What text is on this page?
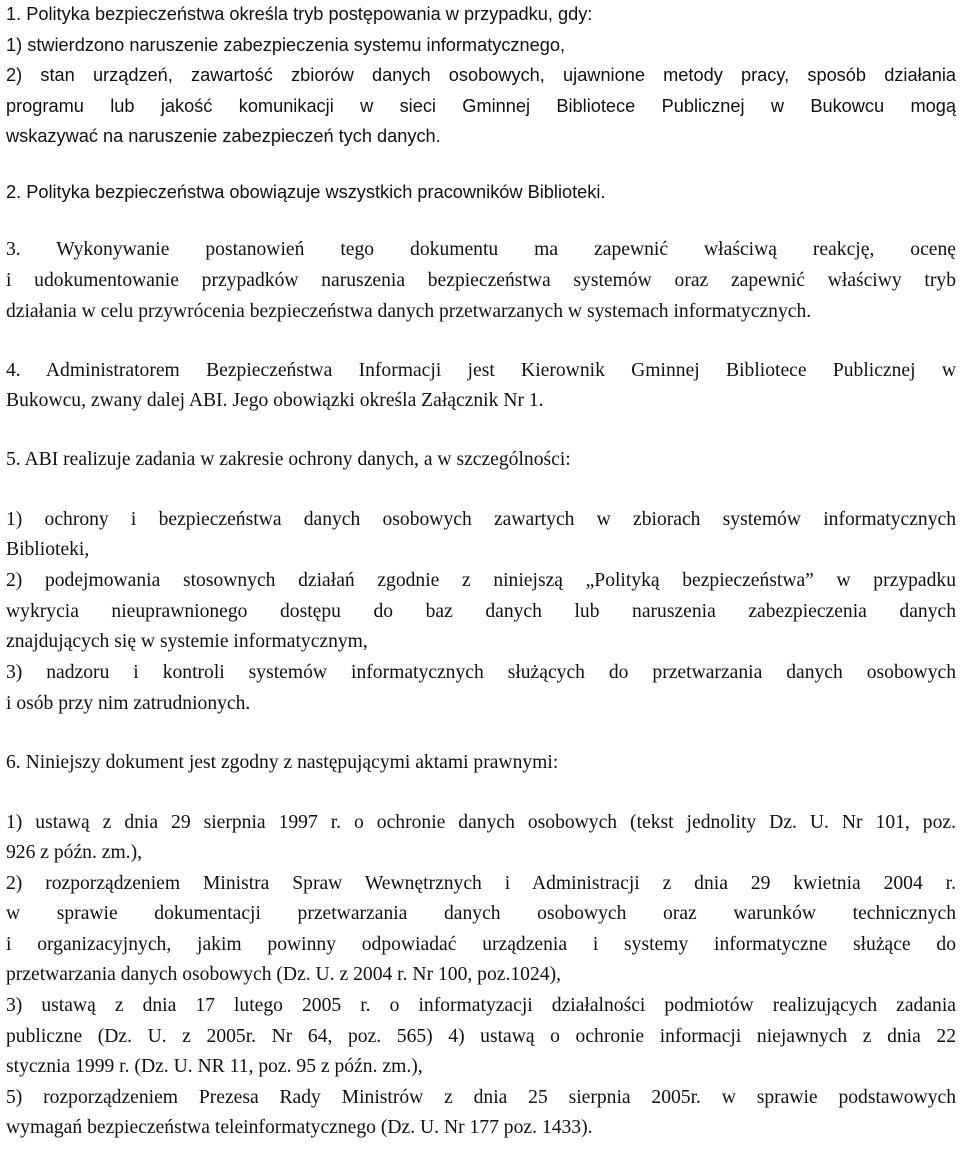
1. Polityka bezpieczeństwa określa tryb postępowania w przypadku, gdy:
1) stwierdzono naruszenie zabezpieczenia systemu informatycznego,
2) stan urządzeń, zawartość zbiorów danych osobowych, ujawnione metody pracy, sposób działania
programu lub jakość komunikacji w sieci Gminnej Bibliotece Publicznej w Bukowcu mogą
wskazywać na naruszenie zabezpieczeń tych danych.
2. Polityka bezpieczeństwa obowiązuje wszystkich pracowników Biblioteki.
3. Wykonywanie postanowień tego dokumentu ma zapewnić właściwą reakcję, ocenę
i udokumentowanie przypadków naruszenia bezpieczeństwa systemów oraz zapewnić właściwy tryb
działania w celu przywrócenia bezpieczeństwa danych przetwarzanych w systemach informatycznych.
4. Administratorem Bezpieczeństwa Informacji jest Kierownik Gminnej Bibliotece Publicznej w
Bukowcu, zwany dalej ABI. Jego obowiązki określa Załącznik Nr 1.
5. ABI realizuje zadania w zakresie ochrony danych, a w szczególności:
1) ochrony i bezpieczeństwa danych osobowych zawartych w zbiorach systemów informatycznych
Biblioteki,
2) podejmowania stosownych działań zgodnie z niniejszą „Polityką bezpieczeństwa” w przypadku
wykrycia nieuprawnionego dostępu do baz danych lub naruszenia zabezpieczenia danych
znajdujących się w systemie informatycznym,
3) nadzoru i kontroli systemów informatycznych służących do przetwarzania danych osobowych
i osób przy nim zatrudnionych.
6. Niniejszy dokument jest zgodny z następującymi aktami prawnymi:
1) ustawą z dnia 29 sierpnia 1997 r. o ochronie danych osobowych (tekst jednolity Dz. U. Nr 101, poz.
926 z późn. zm.),
2) rozporządzeniem Ministra Spraw Wewnętrznych i Administracji z dnia 29 kwietnia 2004 r.
w sprawie dokumentacji przetwarzania danych osobowych oraz warunków technicznych
i organizacyjnych, jakim powinny odpowiadać urządzenia i systemy informatyczne służące do
przetwarzania danych osobowych (Dz. U. z 2004 r. Nr 100, poz.1024),
3) ustawą z dnia 17 lutego 2005 r. o informatyzacji działalności podmiotów realizujących zadania
publiczne (Dz. U. z 2005r. Nr 64, poz. 565) 4) ustawą o ochronie informacji niejawnych z dnia 22
stycznia 1999 r. (Dz. U. NR 11, poz. 95 z późn. zm.),
5) rozporządzeniem Prezesa Rady Ministrów z dnia 25 sierpnia 2005r. w sprawie podstawowych
wymagań bezpieczeństwa teleinformatycznego (Dz. U. Nr 177 poz. 1433).
